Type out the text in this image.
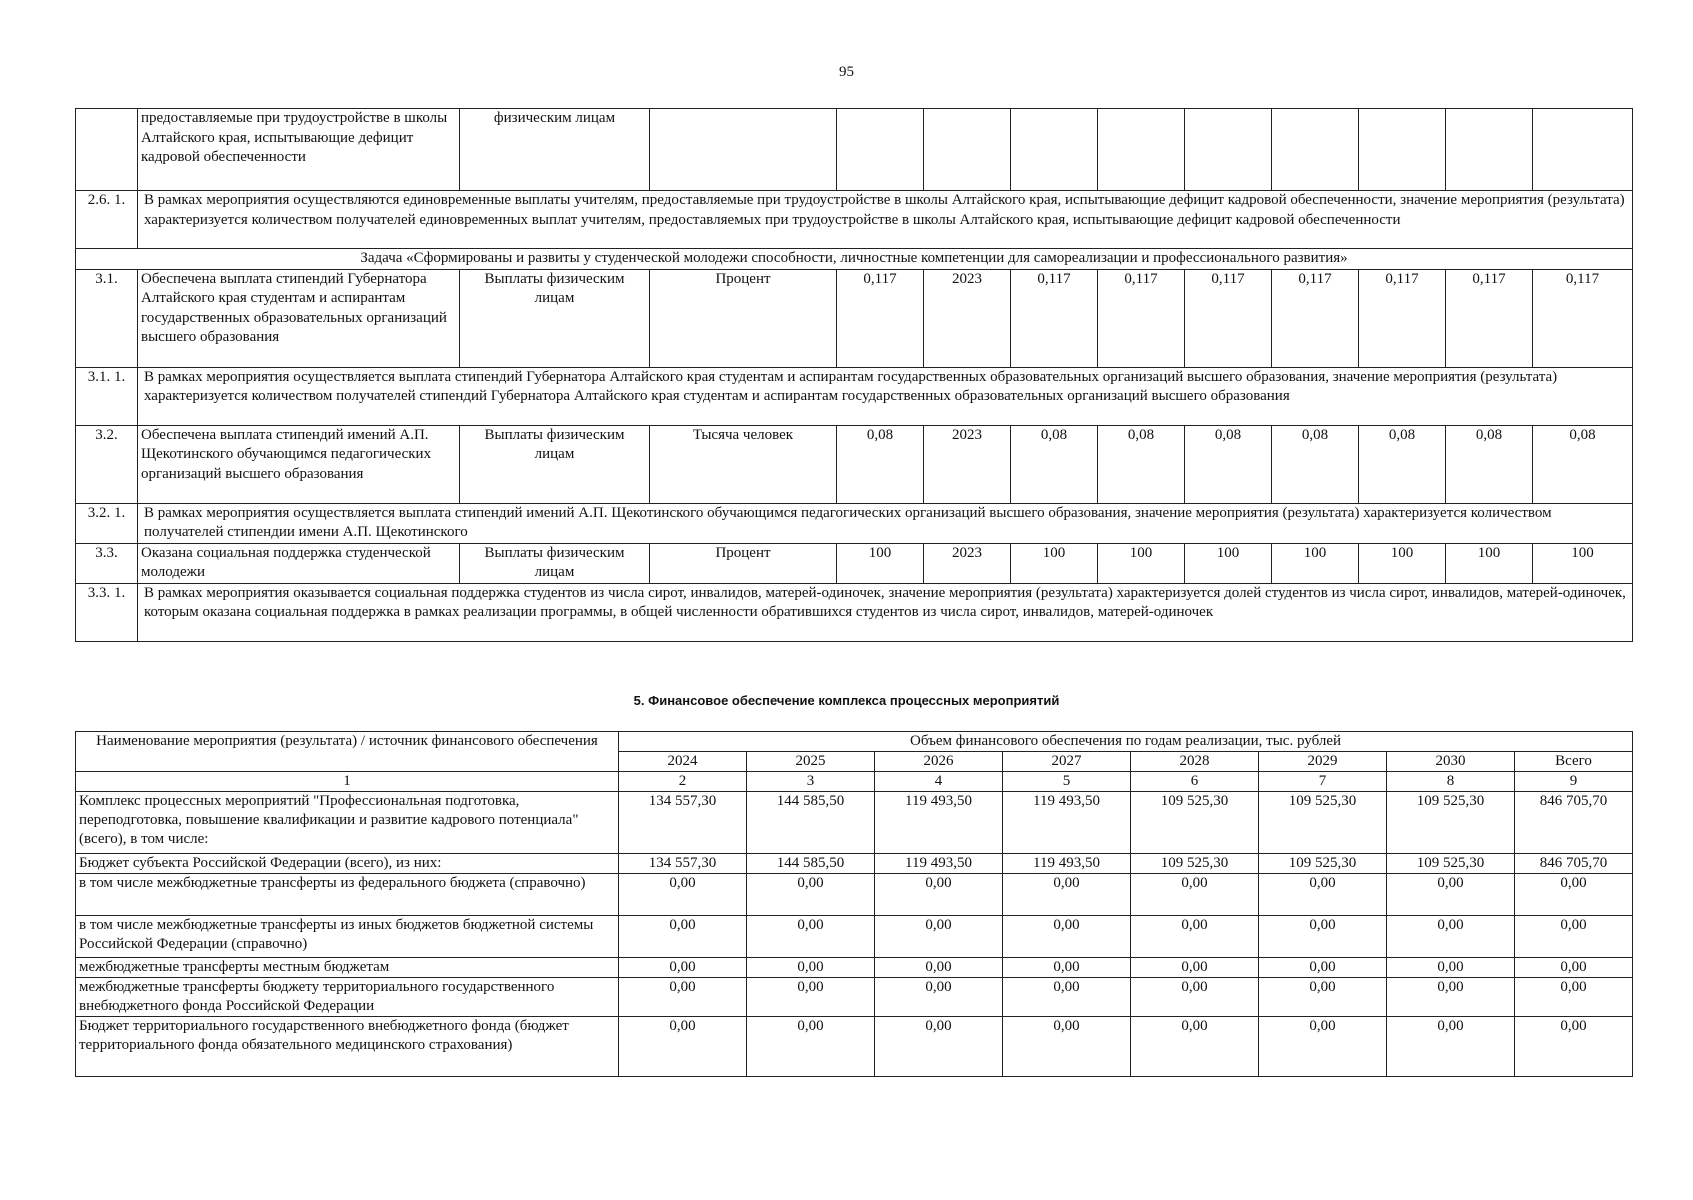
95
	предоставляемые при трудоустройстве в школы Алтайского края, испытывающие дефицит кадровой обеспеченности	физическим лицам										
2.6. 1.	В рамках мероприятия осуществляются единовременные выплаты учителям, предоставляемые при трудоустройстве в школы Алтайского края, испытывающие дефицит кадровой обеспеченности, значение мероприятия (результата) характеризуется количеством получателей единовременных выплат учителям, предоставляемых при трудоустройстве в школы Алтайского края, испытывающие дефицит кадровой обеспеченности											
Задача «Сформированы и развиты у студенческой молодежи способности, личностные компетенции для самореализации и профессионального развития»												
3.1.	Обеспечена выплата стипендий Губернатора Алтайского края студентам и аспирантам государственных образовательных организаций высшего образования	Выплаты физическим лицам	Процент	0,117	2023	0,117	0,117	0,117	0,117	0,117	0,117	0,117
3.1. 1.	В рамках мероприятия осуществляется выплата стипендий Губернатора Алтайского края студентам и аспирантам государственных образовательных организаций высшего образования, значение мероприятия (результата) характеризуется количеством получателей стипендий Губернатора Алтайского края студентам и аспирантам государственных образовательных организаций высшего образования											
3.2.	Обеспечена выплата стипендий имений А.П. Щекотинского обучающимся педагогических организаций высшего образования	Выплаты физическим лицам	Тысяча человек	0,08	2023	0,08	0,08	0,08	0,08	0,08	0,08	0,08
3.2. 1.	В рамках мероприятия осуществляется выплата стипендий имений А.П. Щекотинского обучающимся педагогических организаций высшего образования, значение мероприятия (результата) характеризуется количеством получателей стипендии имени А.П. Щекотинского											
3.3.	Оказана социальная поддержка студенческой молодежи	Выплаты физическим лицам	Процент	100	2023	100	100	100	100	100	100	100
3.3. 1.	В рамках мероприятия оказывается социальная поддержка студентов из числа сирот, инвалидов, матерей-одиночек, значение мероприятия (результата) характеризуется долей студентов из числа сирот, инвалидов, матерей-одиночек, которым оказана социальная поддержка в рамках реализации программы, в общей численности обратившихся студентов из числа сирот, инвалидов, матерей-одиночек											
5. Финансовое обеспечение комплекса процессных мероприятий
Наименование мероприятия (результата) / источник финансового обеспечения	Объем финансового обеспечения по годам реализации, тыс. рублей							
	2024	2025	2026	2027	2028	2029	2030	Всего
1	2	3	4	5	6	7	8	9
Комплекс процессных мероприятий "Профессиональная подготовка, переподготовка, повышение квалификации и развитие кадрового потенциала" (всего), в том числе:	134 557,30	144 585,50	119 493,50	119 493,50	109 525,30	109 525,30	109 525,30	846 705,70
Бюджет субъекта Российской Федерации (всего), из них:	134 557,30	144 585,50	119 493,50	119 493,50	109 525,30	109 525,30	109 525,30	846 705,70
в том числе межбюджетные трансферты из федерального бюджета (справочно)	0,00	0,00	0,00	0,00	0,00	0,00	0,00	0,00
в том числе межбюджетные трансферты из иных бюджетов бюджетной системы Российской Федерации (справочно)	0,00	0,00	0,00	0,00	0,00	0,00	0,00	0,00
межбюджетные трансферты местным бюджетам	0,00	0,00	0,00	0,00	0,00	0,00	0,00	0,00
межбюджетные трансферты бюджету территориального государственного внебюджетного фонда Российской Федерации	0,00	0,00	0,00	0,00	0,00	0,00	0,00	0,00
Бюджет территориального государственного внебюджетного фонда (бюджет территориального фонда обязательного медицинского страхования)	0,00	0,00	0,00	0,00	0,00	0,00	0,00	0,00
